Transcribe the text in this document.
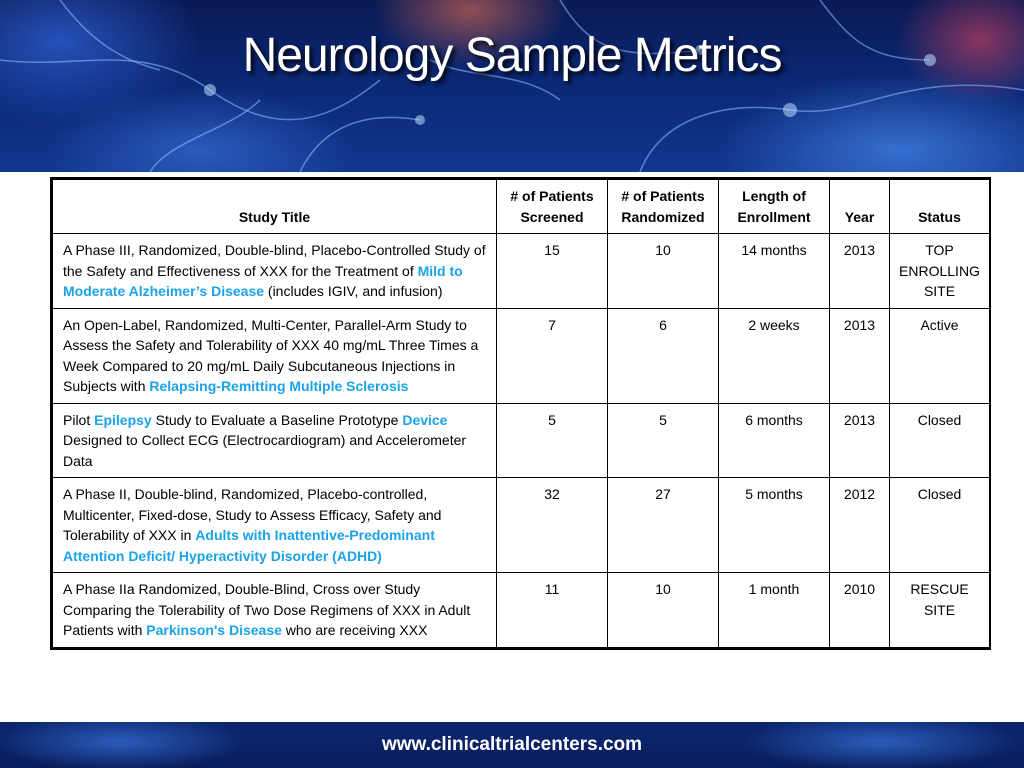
Neurology Sample Metrics
Study Title	# of Patients Screened	# of Patients Randomized	Length of Enrollment	Year	Status
A Phase III, Randomized, Double-blind, Placebo-Controlled Study of the Safety and Effectiveness of XXX for the Treatment of Mild to Moderate Alzheimer’s Disease (includes IGIV, and infusion)	15	10	14 months	2013	TOP ENROLLING SITE
An Open-Label, Randomized, Multi-Center, Parallel-Arm Study to Assess the Safety and Tolerability of XXX 40 mg/mL Three Times a Week Compared to 20 mg/mL Daily Subcutaneous Injections in Subjects with Relapsing-Remitting Multiple Sclerosis	7	6	2 weeks	2013	Active
Pilot Epilepsy Study to Evaluate a Baseline Prototype Device Designed to Collect ECG (Electrocardiogram) and Accelerometer Data	5	5	6 months	2013	Closed
A Phase II, Double-blind, Randomized, Placebo-controlled, Multicenter, Fixed-dose, Study to Assess Efficacy, Safety and Tolerability of XXX in Adults with Inattentive-Predominant Attention Deficit/ Hyperactivity Disorder (ADHD)	32	27	5 months	2012	Closed
A Phase IIa Randomized, Double-Blind, Cross over Study Comparing the Tolerability of Two Dose Regimens of XXX in Adult Patients with Parkinson's Disease who are receiving XXX	11	10	1 month	2010	RESCUE SITE
www.clinicaltrialcenters.com
